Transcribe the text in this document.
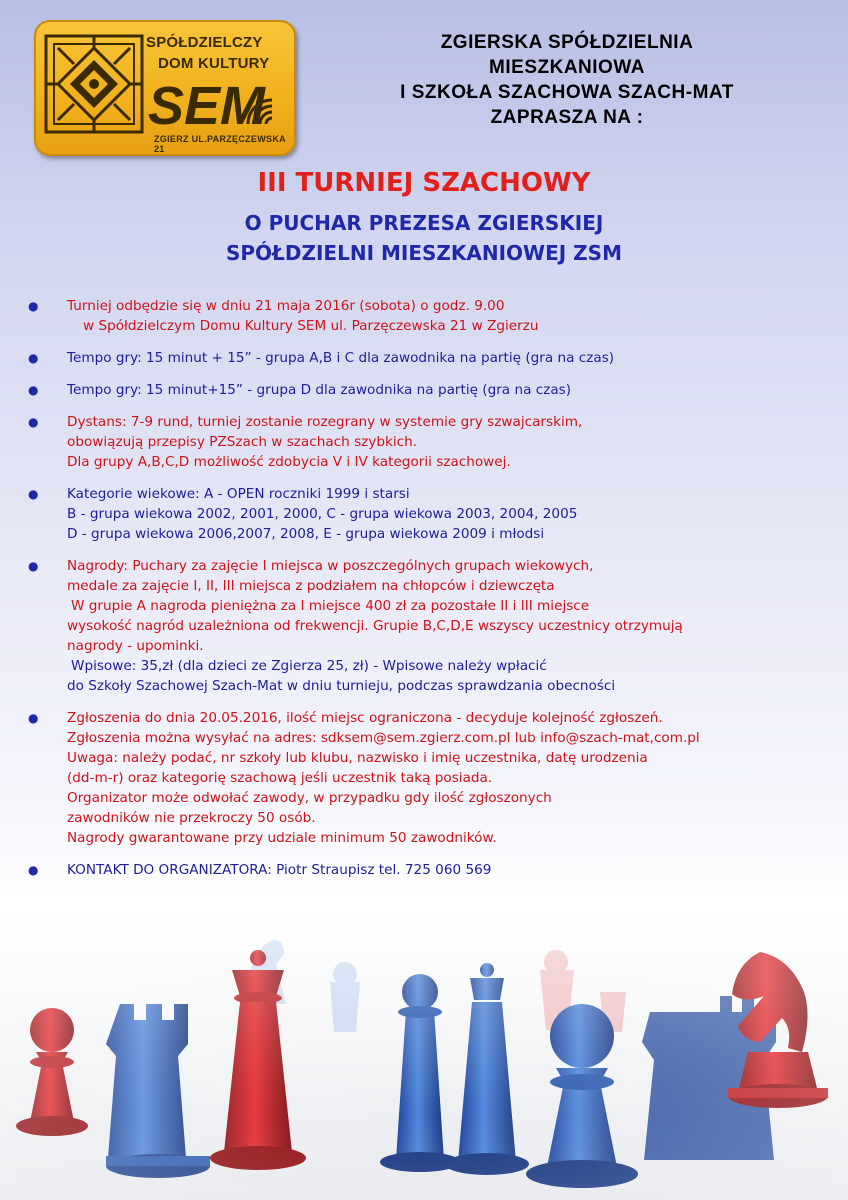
SPÓŁDZIELCZY
DOM KULTURY
SEM
ZGIERZ UL.PARZĘCZEWSKA 21
ZGIERSKA SPÓŁDZIELNIA
MIESZKANIOWA
I SZKOŁA SZACHOWA SZACH-MAT
ZAPRASZA NA :
III TURNIEJ SZACHOWY
O PUCHAR PREZESA ZGIERSKIEJ
SPÓŁDZIELNI MIESZKANIOWEJ ZSM
● Turniej odbędzie się w dniu 21 maja 2016r (sobota) o godz. 9.00
w Spółdzielczym Domu Kultury SEM ul. Parzęczewska 21 w Zgierzu
● Tempo gry: 15 minut + 15” - grupa A,B i C dla zawodnika na partię (gra na czas)
● Tempo gry: 15 minut+15” - grupa D dla zawodnika na partię (gra na czas)
● Dystans: 7-9 rund, turniej zostanie rozegrany w systemie gry szwajcarskim,
obowiązują przepisy PZSzach w szachach szybkich.
Dla grupy A,B,C,D możliwość zdobycia V i IV kategorii szachowej.
● Kategorie wiekowe: A - OPEN roczniki 1999 i starsi
B - grupa wiekowa 2002, 2001, 2000, C - grupa wiekowa 2003, 2004, 2005
D - grupa wiekowa 2006,2007, 2008, E - grupa wiekowa 2009 i młodsi
● Nagrody: Puchary za zajęcie I miejsca w poszczególnych grupach wiekowych,
medale za zajęcie I, II, III miejsca z podziałem na chłopców i dziewczęta
W grupie A nagroda pieniężna za I miejsce 400 zł za pozostałe II i III miejsce
wysokość nagród uzależniona od frekwencji. Grupie B,C,D,E wszyscy uczestnicy otrzymują
nagrody - upominki.
Wpisowe: 35,zł (dla dzieci ze Zgierza 25, zł) - Wpisowe należy wpłacić
do Szkoły Szachowej Szach-Mat w dniu turnieju, podczas sprawdzania obecności
● Zgłoszenia do dnia 20.05.2016, ilość miejsc ograniczona - decyduje kolejność zgłoszeń.
Zgłoszenia można wysyłać na adres: sdksem@sem.zgierz.com.pl lub info@szach-mat,com.pl
Uwaga: należy podać, nr szkoły lub klubu, nazwisko i imię uczestnika, datę urodzenia
(dd-m-r) oraz kategorię szachową jeśli uczestnik taką posiada.
Organizator może odwołać zawody, w przypadku gdy ilość zgłoszonych
zawodników nie przekroczy 50 osób.
Nagrody gwarantowane przy udziale minimum 50 zawodników.
● KONTAKT DO ORGANIZATORA: Piotr Straupisz tel. 725 060 569
